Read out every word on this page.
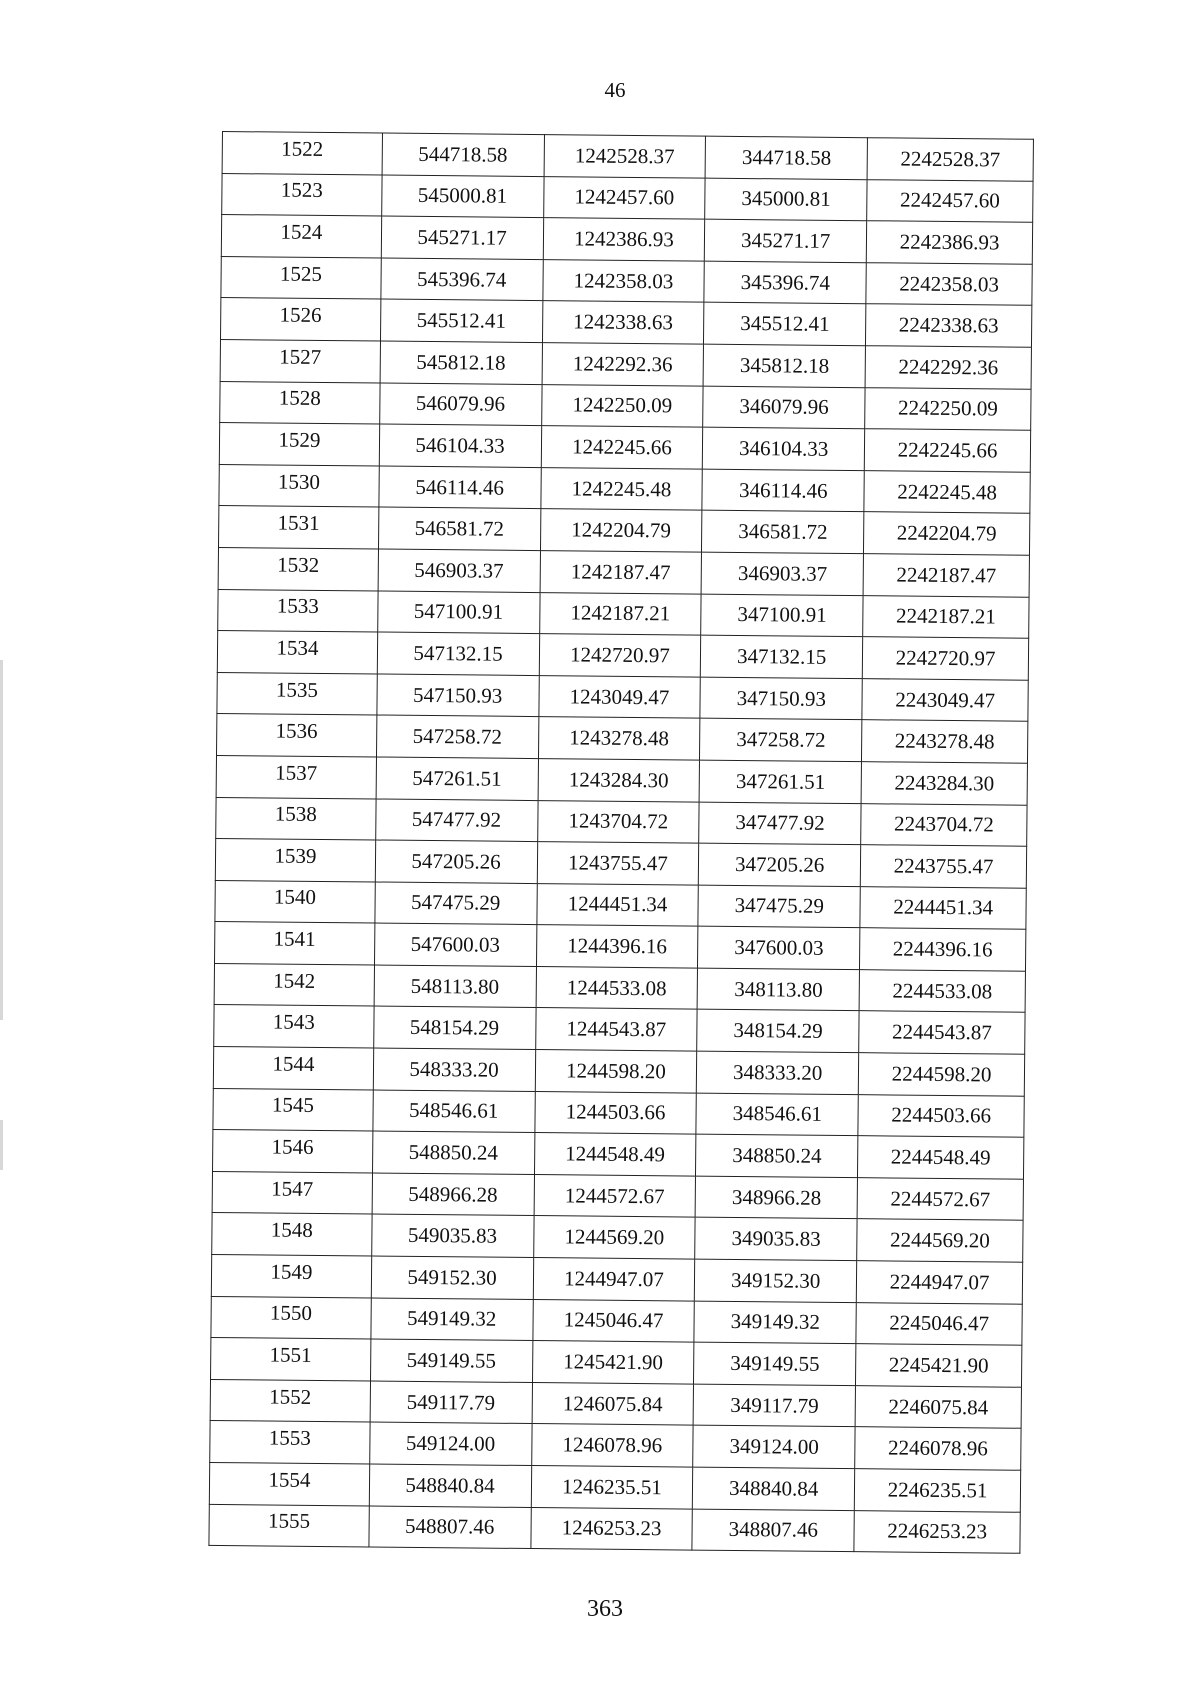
46
1522	544718.58	1242528.37	344718.58	2242528.37
1523	545000.81	1242457.60	345000.81	2242457.60
1524	545271.17	1242386.93	345271.17	2242386.93
1525	545396.74	1242358.03	345396.74	2242358.03
1526	545512.41	1242338.63	345512.41	2242338.63
1527	545812.18	1242292.36	345812.18	2242292.36
1528	546079.96	1242250.09	346079.96	2242250.09
1529	546104.33	1242245.66	346104.33	2242245.66
1530	546114.46	1242245.48	346114.46	2242245.48
1531	546581.72	1242204.79	346581.72	2242204.79
1532	546903.37	1242187.47	346903.37	2242187.47
1533	547100.91	1242187.21	347100.91	2242187.21
1534	547132.15	1242720.97	347132.15	2242720.97
1535	547150.93	1243049.47	347150.93	2243049.47
1536	547258.72	1243278.48	347258.72	2243278.48
1537	547261.51	1243284.30	347261.51	2243284.30
1538	547477.92	1243704.72	347477.92	2243704.72
1539	547205.26	1243755.47	347205.26	2243755.47
1540	547475.29	1244451.34	347475.29	2244451.34
1541	547600.03	1244396.16	347600.03	2244396.16
1542	548113.80	1244533.08	348113.80	2244533.08
1543	548154.29	1244543.87	348154.29	2244543.87
1544	548333.20	1244598.20	348333.20	2244598.20
1545	548546.61	1244503.66	348546.61	2244503.66
1546	548850.24	1244548.49	348850.24	2244548.49
1547	548966.28	1244572.67	348966.28	2244572.67
1548	549035.83	1244569.20	349035.83	2244569.20
1549	549152.30	1244947.07	349152.30	2244947.07
1550	549149.32	1245046.47	349149.32	2245046.47
1551	549149.55	1245421.90	349149.55	2245421.90
1552	549117.79	1246075.84	349117.79	2246075.84
1553	549124.00	1246078.96	349124.00	2246078.96
1554	548840.84	1246235.51	348840.84	2246235.51
1555	548807.46	1246253.23	348807.46	2246253.23
363
